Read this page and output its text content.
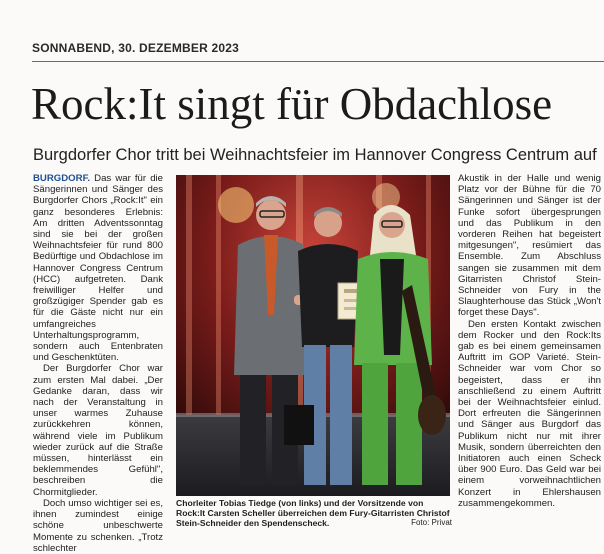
SONNABEND, 30. DEZEMBER 2023
Rock:It singt für Obdachlose
Burgdorfer Chor tritt bei Weihnachtsfeier im Hannover Congress Centrum auf

BURGDORF. Das war für die Sängerinnen und Sänger des Burgdorfer Chors „Rock:It" ein ganz besonderes Erlebnis: Am dritten Adventssonntag sind sie bei der großen Weihnachtsfeier für rund 800 Bedürftige und Obdachlose im Hannover Congress Centrum (HCC) aufgetreten. Dank freiwilliger Helfer und großzügiger Spender gab es für die Gäste nicht nur ein umfangreiches Unterhaltungsprogramm, sondern auch Entenbraten und Geschenktüten.

Der Burgdorfer Chor war zum ersten Mal dabei. „Der Gedanke daran, dass wir nach der Veranstaltung in unser warmes Zuhause zurückkehren können, während viele im Publikum wieder zurück auf die Straße müssen, hinterlässt ein beklemmendes Gefühl", beschreiben die Chormitglieder.

Doch umso wichtiger sei es, ihnen zumindest einige schöne unbeschwerte Momente zu schenken. „Trotz schlechter

Chorleiter Tobias Tiedge (von links) und der Vorsitzende von Rock:It Carsten Scheller überreichen dem Fury-Gitarristen Christof Stein-Schneider den Spendenscheck.	Foto: Privat

Akustik in der Halle und wenig Platz vor der Bühne für die 70 Sängerinnen und Sänger ist der Funke sofort übergesprungen und das Publikum in den vorderen Reihen hat begeistert mitgesungen", resümiert das Ensemble. Zum Abschluss sangen sie zusammen mit dem Gitarristen Christof Stein-Schneider von Fury in the Slaughterhouse das Stück „Won't forget these Days".

Den ersten Kontakt zwischen dem Rocker und den Rock:Its gab es bei einem gemeinsamen Auftritt im GOP Varieté. Stein-Schneider war vom Chor so begeistert, dass er ihn anschließend zu einem Auftritt bei der Weihnachtsfeier einlud. Dort erfreuten die Sängerinnen und Sänger aus Burgdorf das Publikum nicht nur mit ihrer Musik, sondern überreichten den Initiatoren auch einen Scheck über 900 Euro. Das Geld war bei einem vorweihnachtlichen Konzert in Ehlershausen zusammengekommen.
